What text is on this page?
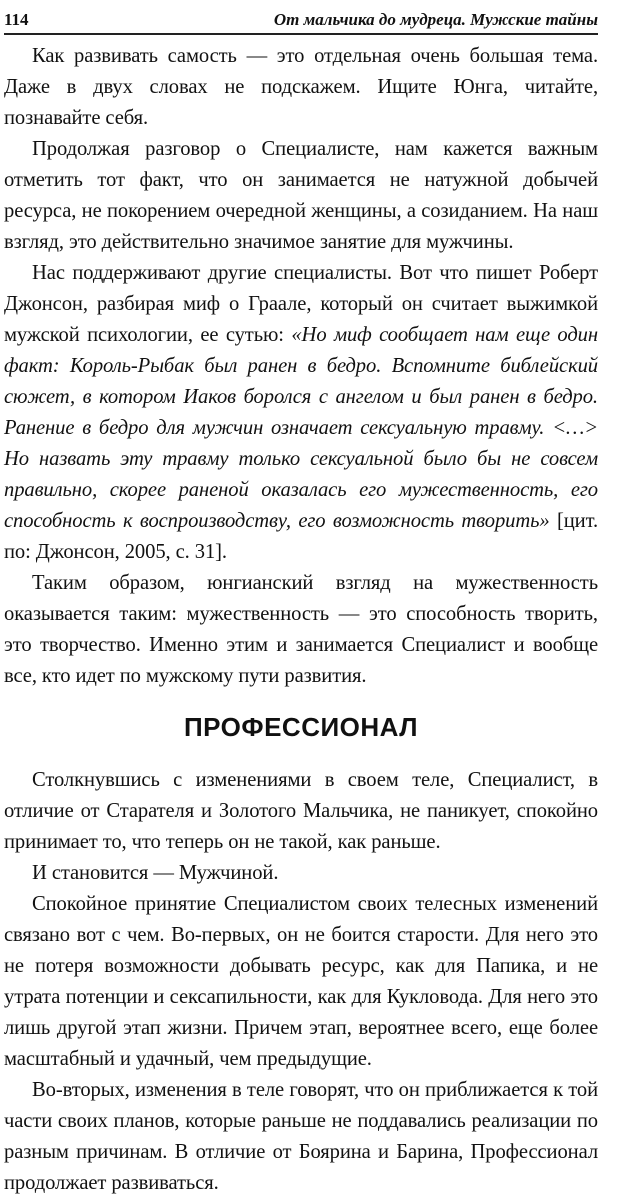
114	От мальчика до мудреца. Мужские тайны

Как развивать самость — это отдельная очень большая тема. Даже в двух словах не подскажем. Ищите Юнга, читайте, познавайте себя.

Продолжая разговор о Специалисте, нам кажется важным отметить тот факт, что он занимается не натужной добычей ресурса, не покорением очередной женщины, а созиданием. На наш взгляд, это действительно значимое занятие для мужчины.

Нас поддерживают другие специалисты. Вот что пишет Роберт Джонсон, разбирая миф о Граале, который он считает выжимкой мужской психологии, ее сутью: «Но миф сообщает нам еще один факт: Король-Рыбак был ранен в бедро. Вспомните библейский сюжет, в котором Иаков боролся с ангелом и был ранен в бедро. Ранение в бедро для мужчин означает сексуальную травму. <…> Но назвать эту травму только сексуальной было бы не совсем правильно, скорее раненой оказалась его мужественность, его способность к воспроизводству, его возможность творить» [цит. по: Джонсон, 2005, с. 31].

Таким образом, юнгианский взгляд на мужественность оказывается таким: мужественность — это способность творить, это творчество. Именно этим и занимается Специалист и вообще все, кто идет по мужскому пути развития.

ПРОФЕССИОНАЛ

Столкнувшись с изменениями в своем теле, Специалист, в отличие от Старателя и Золотого Мальчика, не паникует, спокойно принимает то, что теперь он не такой, как раньше.

И становится — Мужчиной.

Спокойное принятие Специалистом своих телесных изменений связано вот с чем. Во-первых, он не боится старости. Для него это не потеря возможности добывать ресурс, как для Папика, и не утрата потенции и сексапильности, как для Кукловода. Для него это лишь другой этап жизни. Причем этап, вероятнее всего, еще более масштабный и удачный, чем предыдущие.

Во-вторых, изменения в теле говорят, что он приближается к той части своих планов, которые раньше не поддавались реализации по разным причинам. В отличие от Боярина и Барина, Профессионал продолжает развиваться.
